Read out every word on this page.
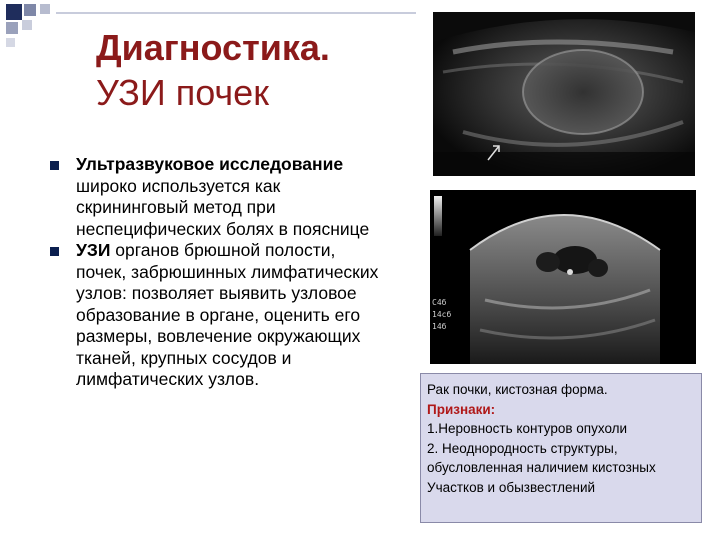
Диагностика.
УЗИ почек
Ультразвуковое исследование широко используется как скрининговый метод при неспецифических болях в пояснице
УЗИ органов брюшной полости, почек, забрюшинных лимфатических узлов: позволяет выявить узловое образование в органе, оценить его размеры, вовлечение окружающих тканей, крупных сосудов и лимфатических узлов.
С4б
14сб
14б
Рак почки, кистозная форма.
Признаки:
1.Неровность контуров опухоли
2. Неоднородность структуры,
обусловленная наличием кистозных
Участков и обызвестлений
